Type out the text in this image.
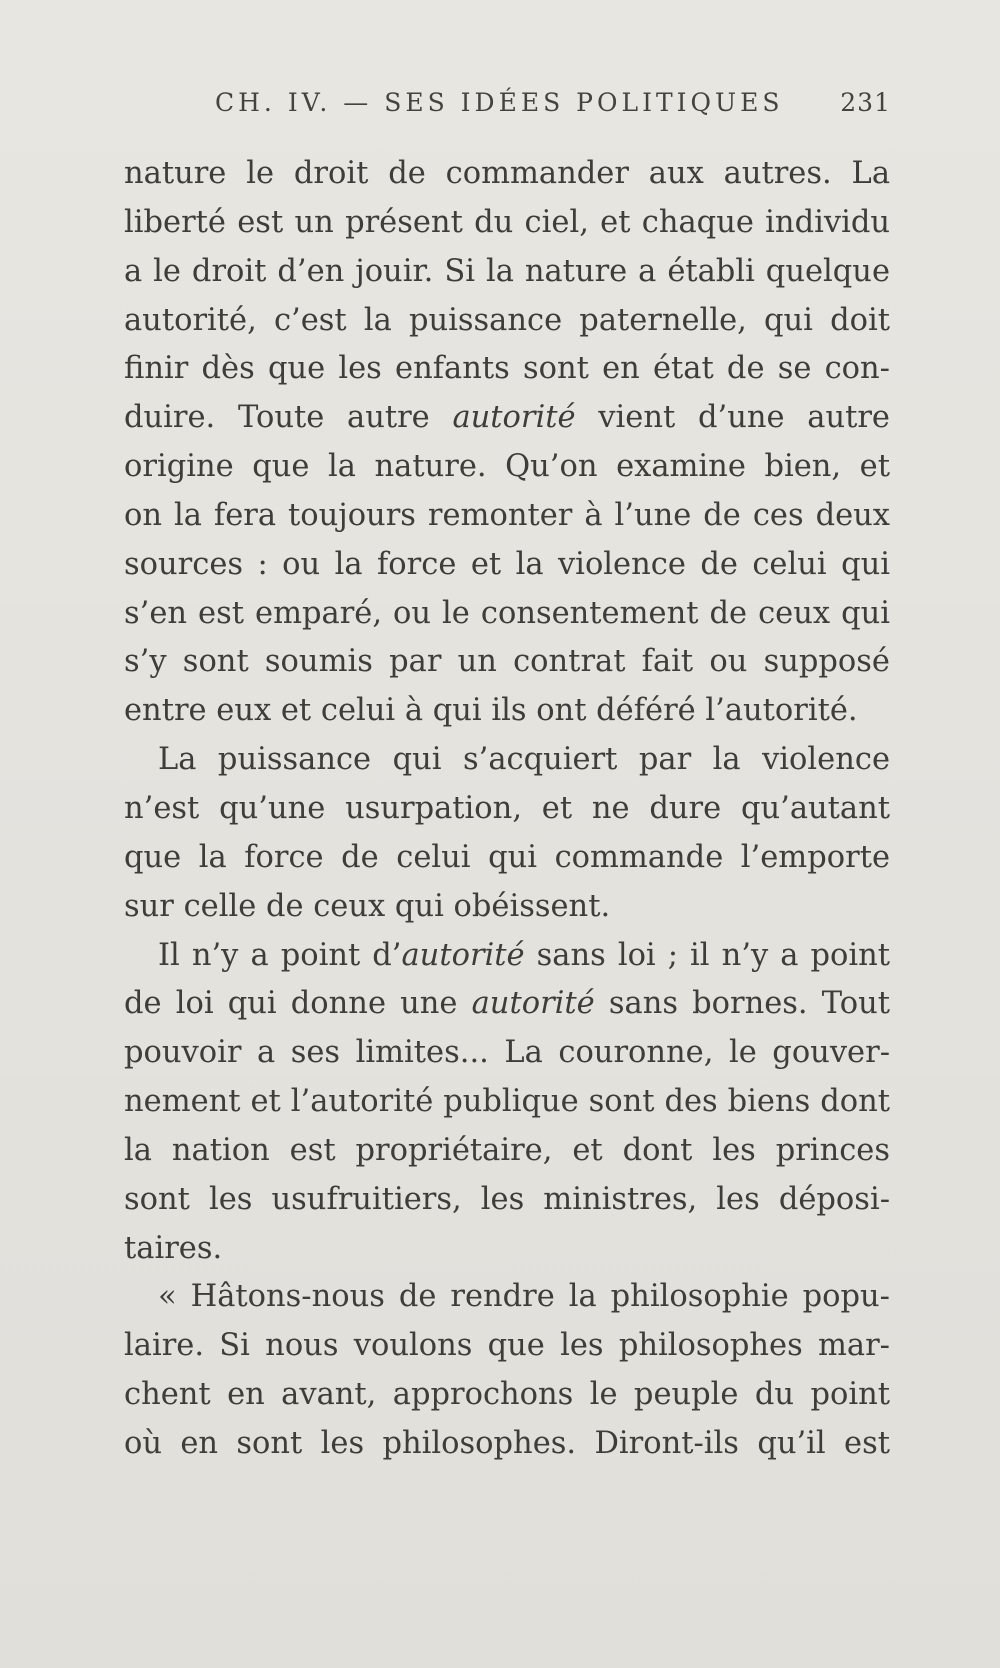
CH. IV. — SES IDÉES POLITIQUES 231
nature le droit de commander aux autres. La
liberté est un présent du ciel, et chaque individu
a le droit d’en jouir. Si la nature a établi quelque
autorité, c’est la puissance paternelle, qui doit
finir dès que les enfants sont en état de se con-
duire. Toute autre autorité vient d’une autre
origine que la nature. Qu’on examine bien, et
on la fera toujours remonter à l’une de ces deux
sources : ou la force et la violence de celui qui
s’en est emparé, ou le consentement de ceux qui
s’y sont soumis par un contrat fait ou supposé
entre eux et celui à qui ils ont déféré l’autorité.
La puissance qui s’acquiert par la violence
n’est qu’une usurpation, et ne dure qu’autant
que la force de celui qui commande l’emporte
sur celle de ceux qui obéissent.
Il n’y a point d’autorité sans loi ; il n’y a point
de loi qui donne une autorité sans bornes. Tout
pouvoir a ses limites... La couronne, le gouver-
nement et l’autorité publique sont des biens dont
la nation est propriétaire, et dont les princes
sont les usufruitiers, les ministres, les déposi-
taires.
« Hâtons-nous de rendre la philosophie popu-
laire. Si nous voulons que les philosophes mar-
chent en avant, approchons le peuple du point
où en sont les philosophes. Diront-ils qu’il est
